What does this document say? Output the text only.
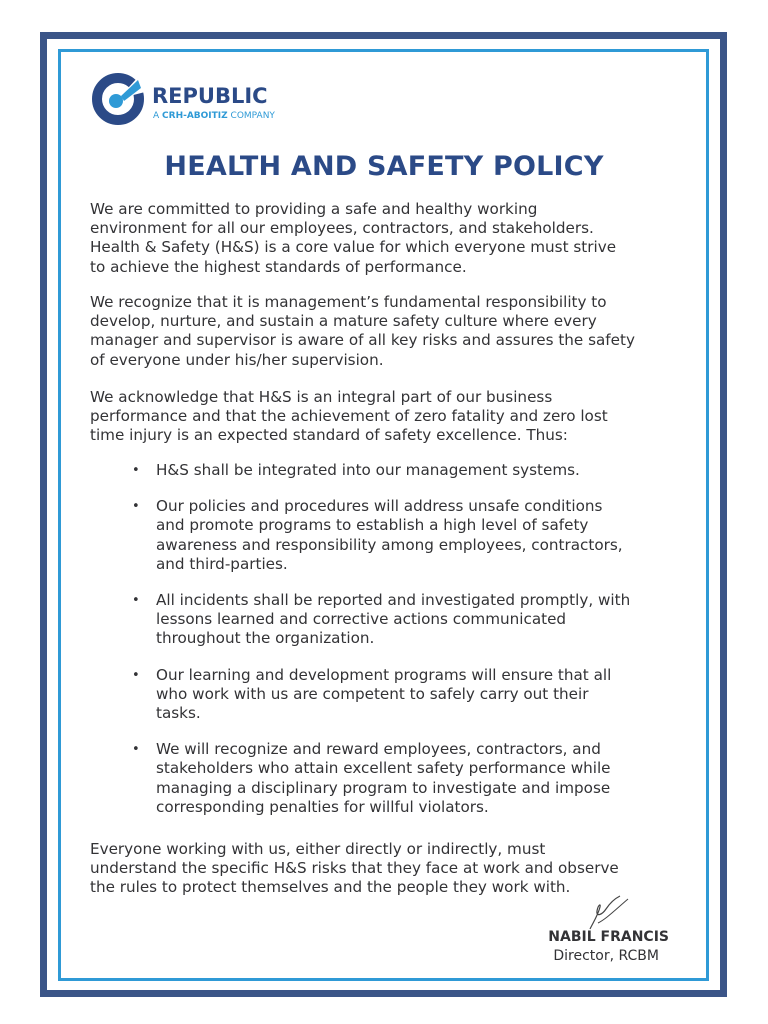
REPUBLIC
A CRH-ABOITIZ COMPANY
HEALTH AND SAFETY POLICY
We are committed to providing a safe and healthy working
environment for all our employees, contractors, and stakeholders.
Health & Safety (H&S) is a core value for which everyone must strive
to achieve the highest standards of performance.
We recognize that it is management’s fundamental responsibility to
develop, nurture, and sustain a mature safety culture where every
manager and supervisor is aware of all key risks and assures the safety
of everyone under his/her supervision.
We acknowledge that H&S is an integral part of our business
performance and that the achievement of zero fatality and zero lost
time injury is an expected standard of safety excellence. Thus:
• H&S shall be integrated into our management systems.
• Our policies and procedures will address unsafe conditions
and promote programs to establish a high level of safety
awareness and responsibility among employees, contractors,
and third-parties.
• All incidents shall be reported and investigated promptly, with
lessons learned and corrective actions communicated
throughout the organization.
• Our learning and development programs will ensure that all
who work with us are competent to safely carry out their
tasks.
• We will recognize and reward employees, contractors, and
stakeholders who attain excellent safety performance while
managing a disciplinary program to investigate and impose
corresponding penalties for willful violators.
Everyone working with us, either directly or indirectly, must
understand the specific H&S risks that they face at work and observe
the rules to protect themselves and the people they work with.
NABIL FRANCIS
Director, RCBM
